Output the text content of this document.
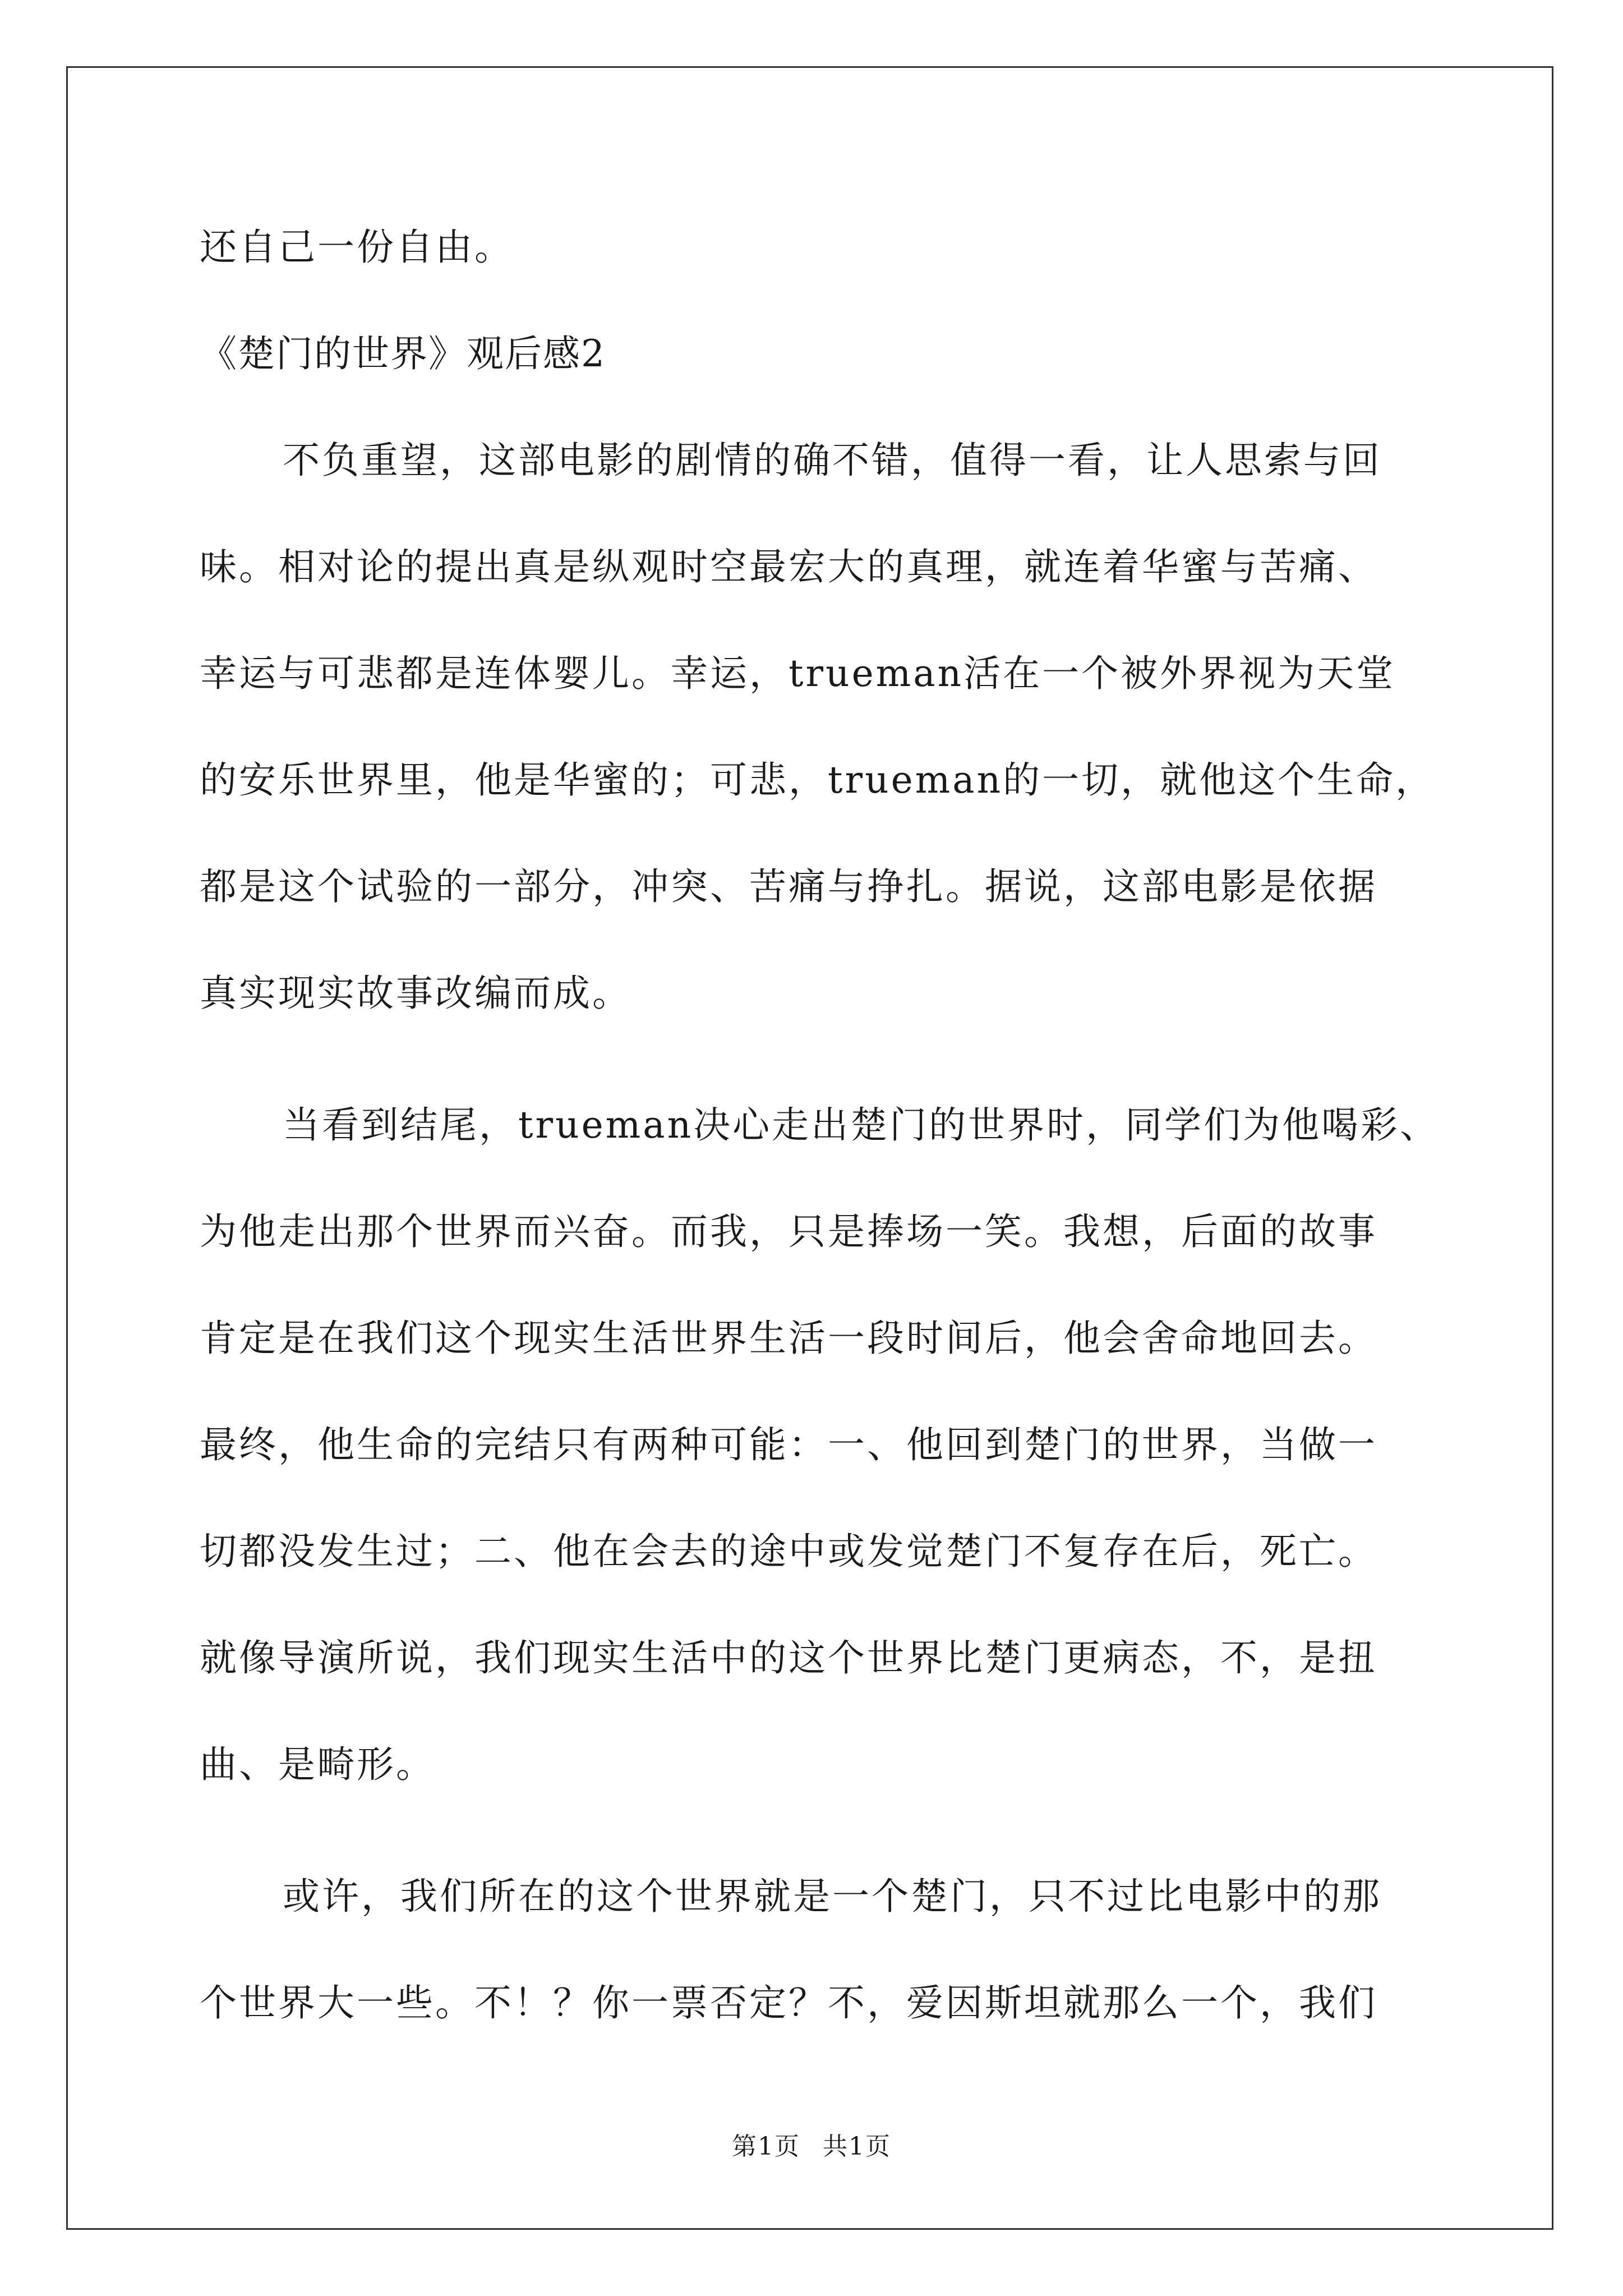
还自己一份自由。
《楚门的世界》观后感2
不负重望，这部电影的剧情的确不错，值得一看，让人思索与回
味。相对论的提出真是纵观时空最宏大的真理，就连着华蜜与苦痛、
幸运与可悲都是连体婴儿。幸运，trueman活在一个被外界视为天堂
的安乐世界里，他是华蜜的；可悲，trueman的一切，就他这个生命，
都是这个试验的一部分，冲突、苦痛与挣扎。据说，这部电影是依据
真实现实故事改编而成。
当看到结尾，trueman决心走出楚门的世界时，同学们为他喝彩、
为他走出那个世界而兴奋。而我，只是捧场一笑。我想，后面的故事
肯定是在我们这个现实生活世界生活一段时间后，他会舍命地回去。
最终，他生命的完结只有两种可能：一、他回到楚门的世界，当做一
切都没发生过；二、他在会去的途中或发觉楚门不复存在后，死亡。
就像导演所说，我们现实生活中的这个世界比楚门更病态，不，是扭
曲、是畸形。
或许，我们所在的这个世界就是一个楚门，只不过比电影中的那
个世界大一些。不！？你一票否定？不，爱因斯坦就那么一个，我们
第1页 共1页
